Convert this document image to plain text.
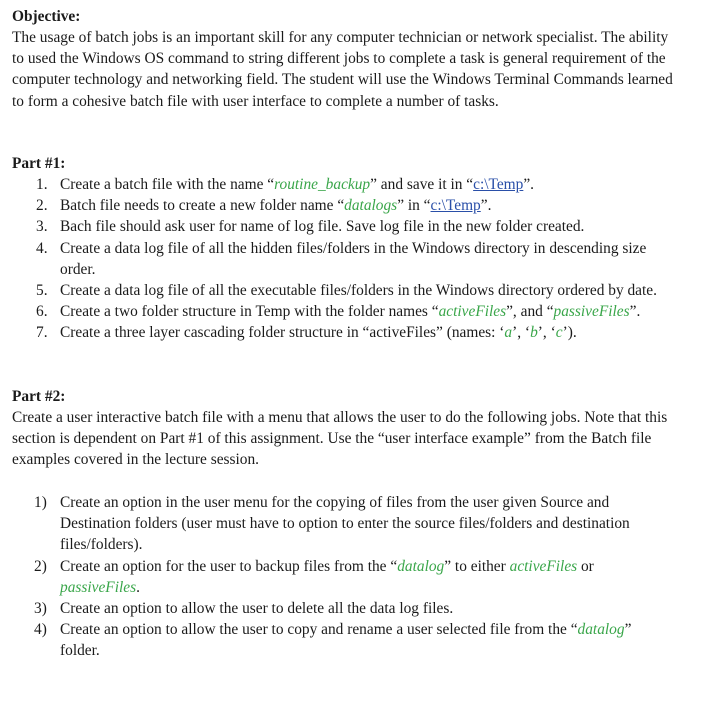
Objective:
The usage of batch jobs is an important skill for any computer technician or network specialist. The ability to used the Windows OS command to string different jobs to complete a task is general requirement of the computer technology and networking field. The student will use the Windows Terminal Commands learned to form a cohesive batch file with user interface to complete a number of tasks.
Part #1:
1. Create a batch file with the name “routine_backup” and save it in “c:\Temp”.
2. Batch file needs to create a new folder name “datalogs” in “c:\Temp”.
3. Bach file should ask user for name of log file. Save log file in the new folder created.
4. Create a data log file of all the hidden files/folders in the Windows directory in descending size order.
5. Create a data log file of all the executable files/folders in the Windows directory ordered by date.
6. Create a two folder structure in Temp with the folder names “activeFiles”, and “passiveFiles”.
7. Create a three layer cascading folder structure in “activeFiles” (names: ‘a’, ‘b’, ‘c’).
Part #2:
Create a user interactive batch file with a menu that allows the user to do the following jobs. Note that this section is dependent on Part #1 of this assignment. Use the “user interface example” from the Batch file examples covered in the lecture session.
1) Create an option in the user menu for the copying of files from the user given Source and Destination folders (user must have to option to enter the source files/folders and destination files/folders).
2) Create an option for the user to backup files from the “datalog” to either activeFiles or passiveFiles.
3) Create an option to allow the user to delete all the data log files.
4) Create an option to allow the user to copy and rename a user selected file from the “datalog” folder.
